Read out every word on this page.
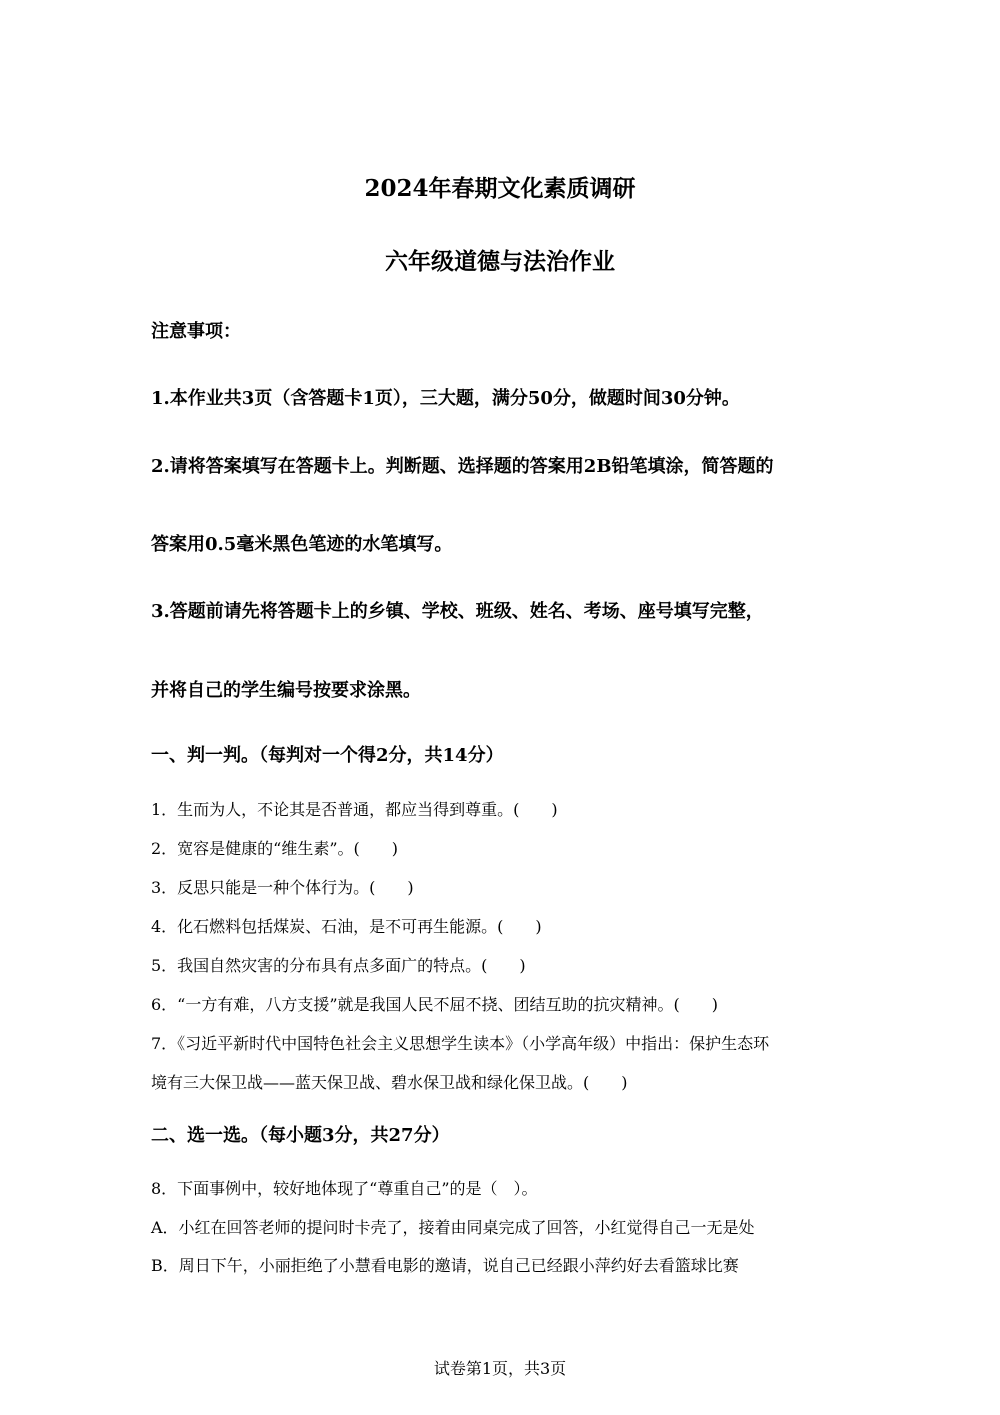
2024年春期文化素质调研
六年级道德与法治作业
注意事项：
1.本作业共3页（含答题卡1页），三大题，满分50分，做题时间30分钟。
2.请将答案填写在答题卡上。判断题、选择题的答案用2B铅笔填涂，简答题的
答案用0.5毫米黑色笔迹的水笔填写。
3.答题前请先将答题卡上的乡镇、学校、班级、姓名、考场、座号填写完整，
并将自己的学生编号按要求涂黑。
一、判一判。（每判对一个得2分，共14分）
1．生而为人，不论其是否普通，都应当得到尊重。(　　)
2．宽容是健康的“维生素”。(　　)
3．反思只能是一种个体行为。(　　)
4．化石燃料包括煤炭、石油，是不可再生能源。(　　)
5．我国自然灾害的分布具有点多面广的特点。(　　)
6．“一方有难，八方支援”就是我国人民不屈不挠、团结互助的抗灾精神。(　　)
7．《习近平新时代中国特色社会主义思想学生读本》（小学高年级）中指出：保护生态环
境有三大保卫战——蓝天保卫战、碧水保卫战和绿化保卫战。(　　)
二、选一选。（每小题3分，共27分）
8．下面事例中，较好地体现了“尊重自己”的是（　）。
A．小红在回答老师的提问时卡壳了，接着由同桌完成了回答，小红觉得自己一无是处
B．周日下午，小丽拒绝了小慧看电影的邀请，说自己已经跟小萍约好去看篮球比赛
试卷第1页，共3页
